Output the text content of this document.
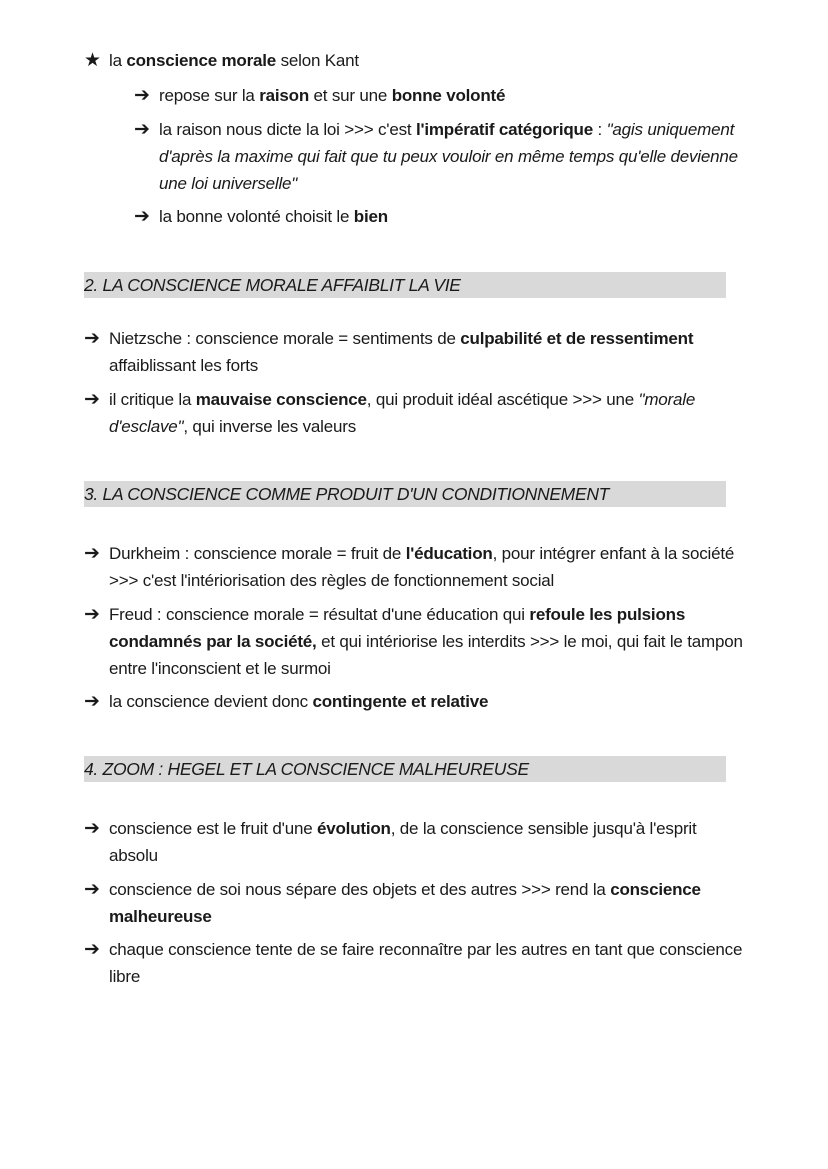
★ la conscience morale selon Kant
➔ repose sur la raison et sur une bonne volonté
➔ la raison nous dicte la loi >>> c'est l'impératif catégorique : "agis uniquement
d'après la maxime qui fait que tu peux vouloir en même temps qu'elle devienne
une loi universelle"
➔ la bonne volonté choisit le bien
2. LA CONSCIENCE MORALE AFFAIBLIT LA VIE
➔ Nietzsche : conscience morale = sentiments de culpabilité et de ressentiment
affaiblissant les forts
➔ il critique la mauvaise conscience, qui produit idéal ascétique >>> une "morale
d'esclave", qui inverse les valeurs
3. LA CONSCIENCE COMME PRODUIT D'UN CONDITIONNEMENT
➔ Durkheim : conscience morale = fruit de l'éducation, pour intégrer enfant à la société
>>> c'est l'intériorisation des règles de fonctionnement social
➔ Freud : conscience morale = résultat d'une éducation qui refoule les pulsions
condamnés par la société, et qui intériorise les interdits >>> le moi, qui fait le tampon
entre l'inconscient et le surmoi
➔ la conscience devient donc contingente et relative
4. ZOOM : HEGEL ET LA CONSCIENCE MALHEUREUSE
➔ conscience est le fruit d'une évolution, de la conscience sensible jusqu'à l'esprit
absolu
➔ conscience de soi nous sépare des objets et des autres >>> rend la conscience
malheureuse
➔ chaque conscience tente de se faire reconnaître par les autres en tant que conscience
libre
